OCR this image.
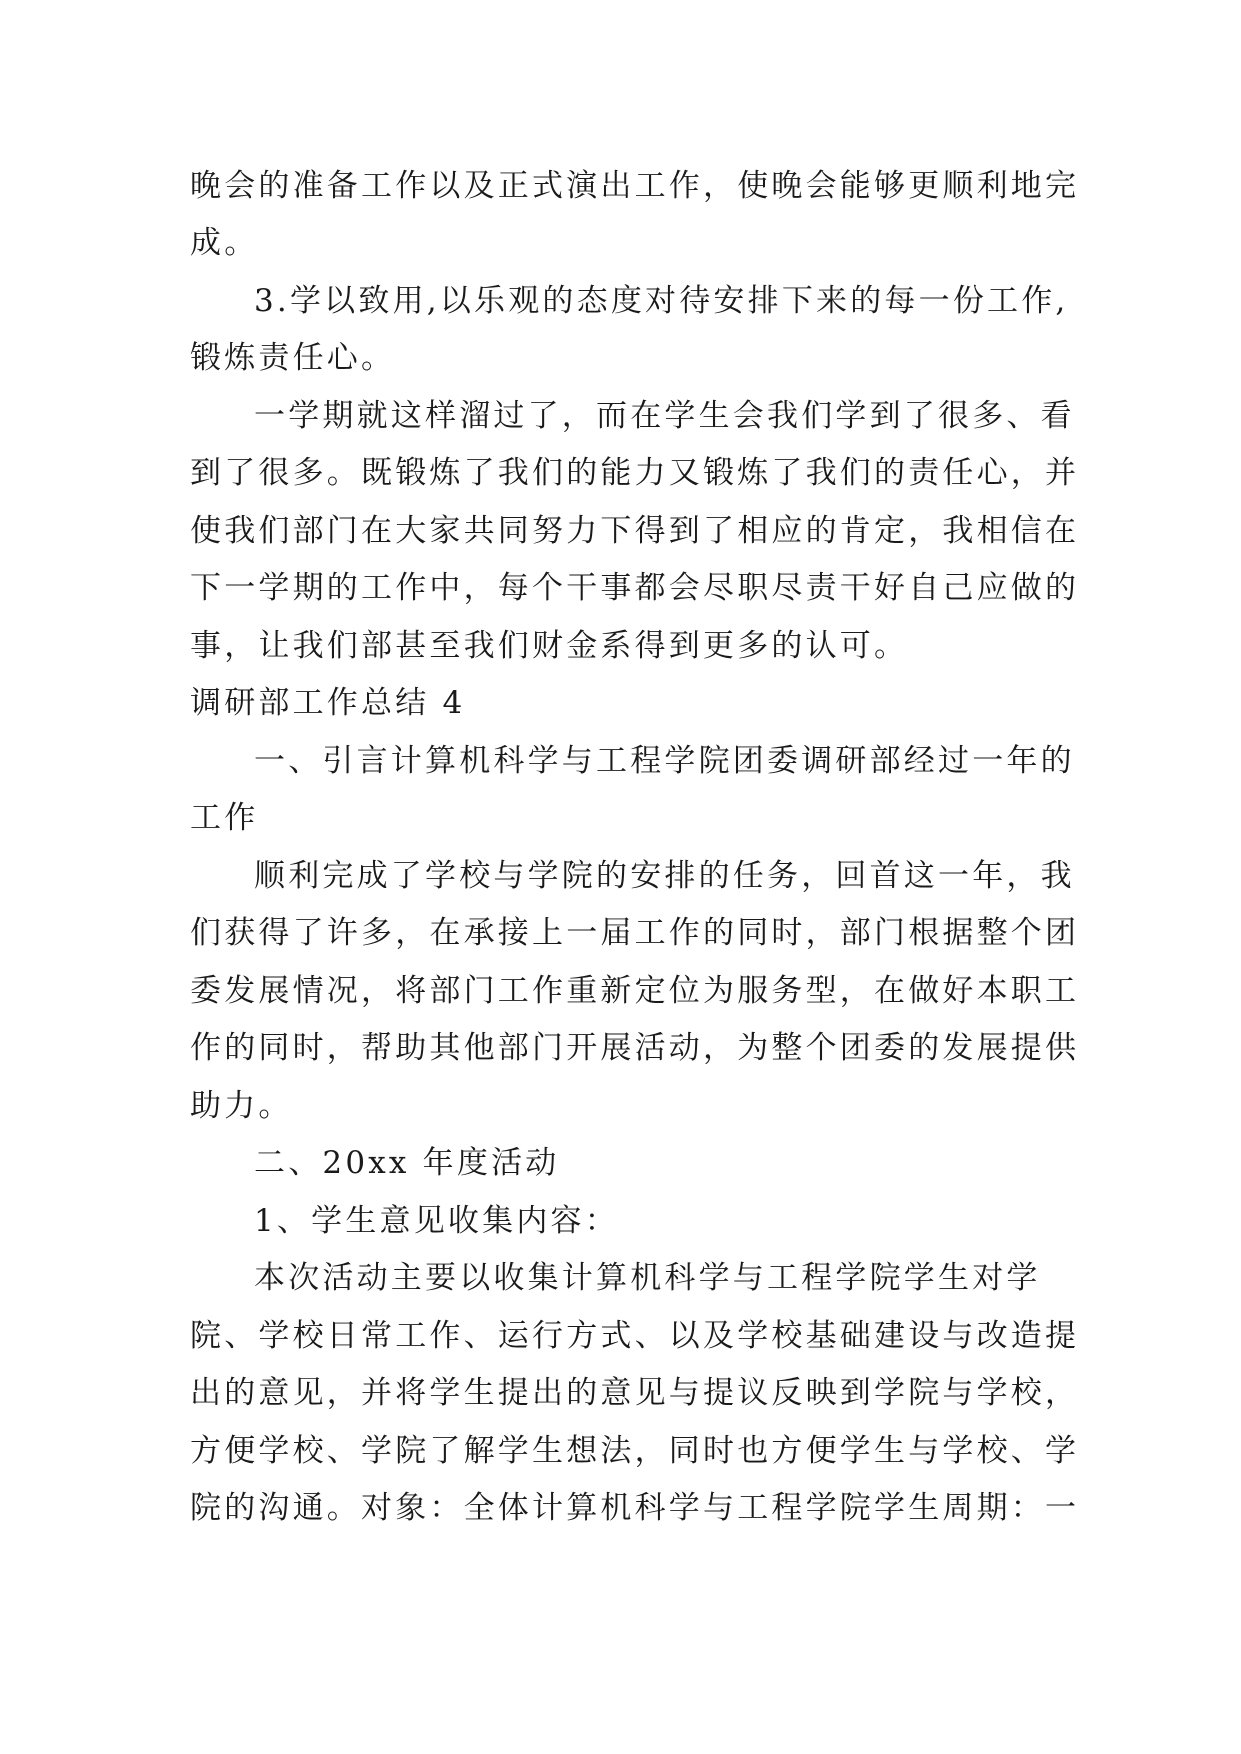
晚会的准备工作以及正式演出工作，使晚会能够更顺利地完
成。
3.学以致用,以乐观的态度对待安排下来的每一份工作,
锻炼责任心。
一学期就这样溜过了，而在学生会我们学到了很多、看
到了很多。既锻炼了我们的能力又锻炼了我们的责任心，并
使我们部门在大家共同努力下得到了相应的肯定，我相信在
下一学期的工作中，每个干事都会尽职尽责干好自己应做的
事，让我们部甚至我们财金系得到更多的认可。
调研部工作总结 4
一、引言计算机科学与工程学院团委调研部经过一年的
工作
顺利完成了学校与学院的安排的任务，回首这一年，我
们获得了许多，在承接上一届工作的同时，部门根据整个团
委发展情况，将部门工作重新定位为服务型，在做好本职工
作的同时，帮助其他部门开展活动，为整个团委的发展提供
助力。
二、20xx 年度活动
1、学生意见收集内容：
本次活动主要以收集计算机科学与工程学院学生对学
院、学校日常工作、运行方式、以及学校基础建设与改造提
出的意见，并将学生提出的意见与提议反映到学院与学校，
方便学校、学院了解学生想法，同时也方便学生与学校、学
院的沟通。对象：全体计算机科学与工程学院学生周期：一
